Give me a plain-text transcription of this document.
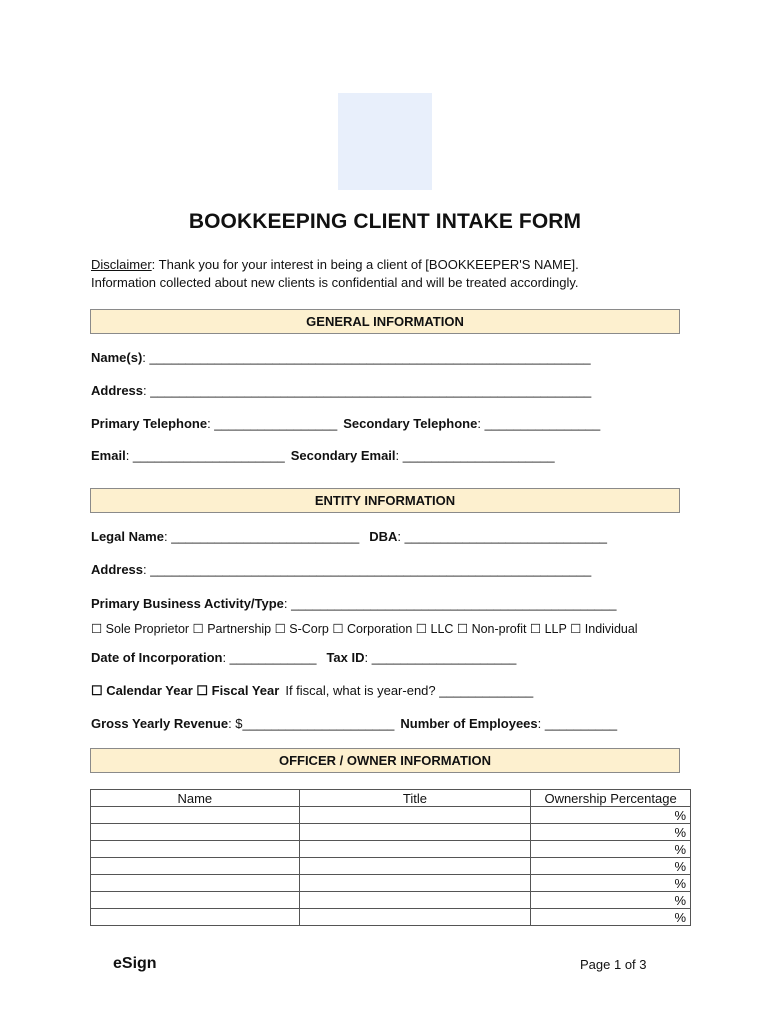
BOOKKEEPING CLIENT INTAKE FORM
Disclaimer: Thank you for your interest in being a client of [BOOKKEEPER'S NAME].
Information collected about new clients is confidential and will be treated accordingly.
GENERAL INFORMATION
Name(s): _____________________________________________________________
Address: _____________________________________________________________
Primary Telephone: _________________ Secondary Telephone: ________________
Email: _____________________ Secondary Email: _____________________
ENTITY INFORMATION
Legal Name: __________________________ DBA: ____________________________
Address: _____________________________________________________________
Primary Business Activity/Type: _____________________________________________
☐ Sole Proprietor ☐ Partnership ☐ S-Corp ☐ Corporation ☐ LLC ☐ Non-profit ☐ LLP ☐ Individual
Date of Incorporation: ____________ Tax ID: ____________________
☐ Calendar Year ☐ Fiscal Year If fiscal, what is year-end? _____________
Gross Yearly Revenue: $_____________________ Number of Employees: __________
OFFICER / OWNER INFORMATION
Name	Title	Ownership Percentage
		%
		%
		%
		%
		%
		%
		%
eSign	Page 1 of 3
